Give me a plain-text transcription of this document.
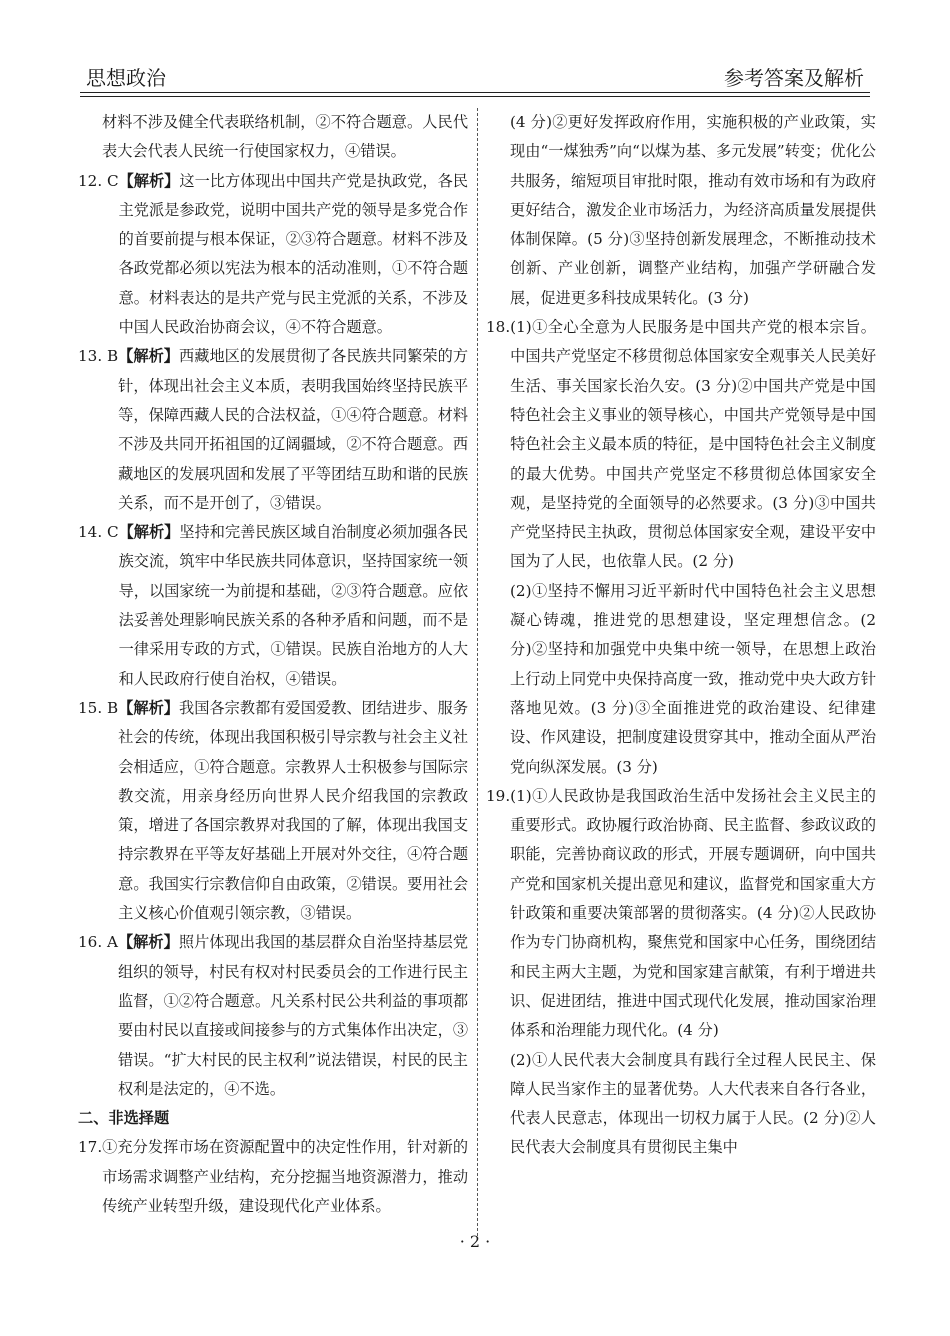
思想政治	参考答案及解析
材料不涉及健全代表联络机制，②不符合题意。人民代表大会代表人民统一行使国家权力，④错误。
12. C 【解析】这一比方体现出中国共产党是执政党，各民主党派是参政党，说明中国共产党的领导是多党合作的首要前提与根本保证，②③符合题意。材料不涉及各政党都必须以宪法为根本的活动准则，①不符合题意。材料表达的是共产党与民主党派的关系，不涉及中国人民政治协商会议，④不符合题意。
13. B 【解析】西藏地区的发展贯彻了各民族共同繁荣的方针，体现出社会主义本质，表明我国始终坚持民族平等，保障西藏人民的合法权益，①④符合题意。材料不涉及共同开拓祖国的辽阔疆域，②不符合题意。西藏地区的发展巩固和发展了平等团结互助和谐的民族关系，而不是开创了，③错误。
14. C 【解析】坚持和完善民族区域自治制度必须加强各民族交流，筑牢中华民族共同体意识，坚持国家统一领导，以国家统一为前提和基础，②③符合题意。应依法妥善处理影响民族关系的各种矛盾和问题，而不是一律采用专政的方式，①错误。民族自治地方的人大和人民政府行使自治权，④错误。
15. B 【解析】我国各宗教都有爱国爱教、团结进步、服务社会的传统，体现出我国积极引导宗教与社会主义社会相适应，①符合题意。宗教界人士积极参与国际宗教交流，用亲身经历向世界人民介绍我国的宗教政策，增进了各国宗教界对我国的了解，体现出我国支持宗教界在平等友好基础上开展对外交往，④符合题意。我国实行宗教信仰自由政策，②错误。要用社会主义核心价值观引领宗教，③错误。
16. A 【解析】照片体现出我国的基层群众自治坚持基层党组织的领导，村民有权对村民委员会的工作进行民主监督，①②符合题意。凡关系村民公共利益的事项都要由村民以直接或间接参与的方式集体作出决定，③错误。“扩大村民的民主权利”说法错误，村民的民主权利是法定的，④不选。
二、非选择题
17. ①充分发挥市场在资源配置中的决定性作用，针对新的市场需求调整产业结构，充分挖掘当地资源潜力，推动传统产业转型升级，建设现代化产业体系。
(4 分)②更好发挥政府作用，实施积极的产业政策，实现由“一煤独秀”向“以煤为基、多元发展”转变；优化公共服务，缩短项目审批时限，推动有效市场和有为政府更好结合，激发企业市场活力，为经济高质量发展提供体制保障。(5 分)③坚持创新发展理念，不断推动技术创新、产业创新，调整产业结构，加强产学研融合发展，促进更多科技成果转化。(3 分)
18. (1)①全心全意为人民服务是中国共产党的根本宗旨。中国共产党坚定不移贯彻总体国家安全观事关人民美好生活、事关国家长治久安。(3 分)②中国共产党是中国特色社会主义事业的领导核心，中国共产党领导是中国特色社会主义最本质的特征，是中国特色社会主义制度的最大优势。中国共产党坚定不移贯彻总体国家安全观，是坚持党的全面领导的必然要求。(3 分)③中国共产党坚持民主执政，贯彻总体国家安全观，建设平安中国为了人民，也依靠人民。(2 分)
(2)①坚持不懈用习近平新时代中国特色社会主义思想凝心铸魂，推进党的思想建设，坚定理想信念。(2 分)②坚持和加强党中央集中统一领导，在思想上政治上行动上同党中央保持高度一致，推动党中央大政方针落地见效。(3 分)③全面推进党的政治建设、纪律建设、作风建设，把制度建设贯穿其中，推动全面从严治党向纵深发展。(3 分)
19. (1)①人民政协是我国政治生活中发扬社会主义民主的重要形式。政协履行政治协商、民主监督、参政议政的职能，完善协商议政的形式，开展专题调研，向中国共产党和国家机关提出意见和建议，监督党和国家重大方针政策和重要决策部署的贯彻落实。(4 分)②人民政协作为专门协商机构，聚焦党和国家中心任务，围绕团结和民主两大主题，为党和国家建言献策，有利于增进共识、促进团结，推进中国式现代化发展，推动国家治理体系和治理能力现代化。(4 分)
(2)①人民代表大会制度具有践行全过程人民民主、保障人民当家作主的显著优势。人大代表来自各行各业，代表人民意志，体现出一切权力属于人民。(2 分)②人民代表大会制度具有贯彻民主集中
· 2 ·
